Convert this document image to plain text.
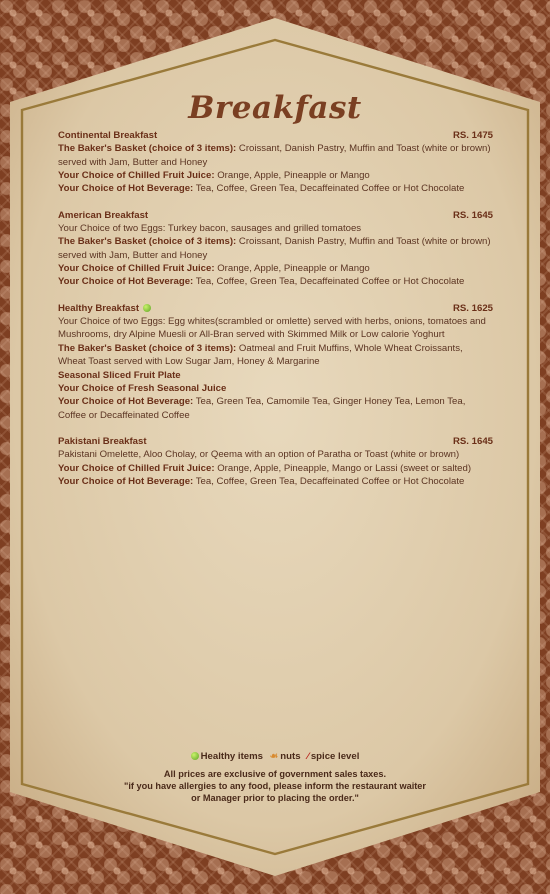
Breakfast
Continental Breakfast	RS. 1475
The Baker's Basket (choice of 3 items): Croissant, Danish Pastry, Muffin and Toast (white or brown) served with Jam, Butter and Honey
Your Choice of Chilled Fruit Juice: Orange, Apple, Pineapple or Mango
Your Choice of Hot Beverage: Tea, Coffee, Green Tea, Decaffeinated Coffee or Hot Chocolate
American Breakfast	RS. 1645
Your Choice of two Eggs: Turkey bacon, sausages and grilled tomatoes
The Baker's Basket (choice of 3 items): Croissant, Danish Pastry, Muffin and Toast (white or brown) served with Jam, Butter and Honey
Your Choice of Chilled Fruit Juice: Orange, Apple, Pineapple or Mango
Your Choice of Hot Beverage: Tea, Coffee, Green Tea, Decaffeinated Coffee or Hot Chocolate
Healthy Breakfast	RS. 1625
Your Choice of two Eggs: Egg whites(scrambled or omlette) served with herbs, onions, tomatoes and Mushrooms, dry Alpine Muesli or All-Bran served with Skimmed Milk or Low calorie Yoghurt
The Baker's Basket (choice of 3 items): Oatmeal and Fruit Muffins, Whole Wheat Croissants, Wheat Toast served with Low Sugar Jam, Honey & Margarine
Seasonal Sliced Fruit Plate
Your Choice of Fresh Seasonal Juice
Your Choice of Hot Beverage: Tea, Green Tea, Camomile Tea, Ginger Honey Tea, Lemon Tea, Coffee or Decaffeinated Coffee
Pakistani Breakfast	RS. 1645
Pakistani Omelette, Aloo Cholay, or Qeema with an option of Paratha or Toast (white or brown)
Your Choice of Chilled Fruit Juice: Orange, Apple, Pineapple, Mango or Lassi (sweet or salted)
Your Choice of Hot Beverage: Tea, Coffee, Green Tea, Decaffeinated Coffee or Hot Chocolate
Healthy items ☙ nuts ⁄ spice level
All prices are exclusive of government sales taxes.
"if you have allergies to any food, please inform the restaurant waiter
or Manager prior to placing the order."
